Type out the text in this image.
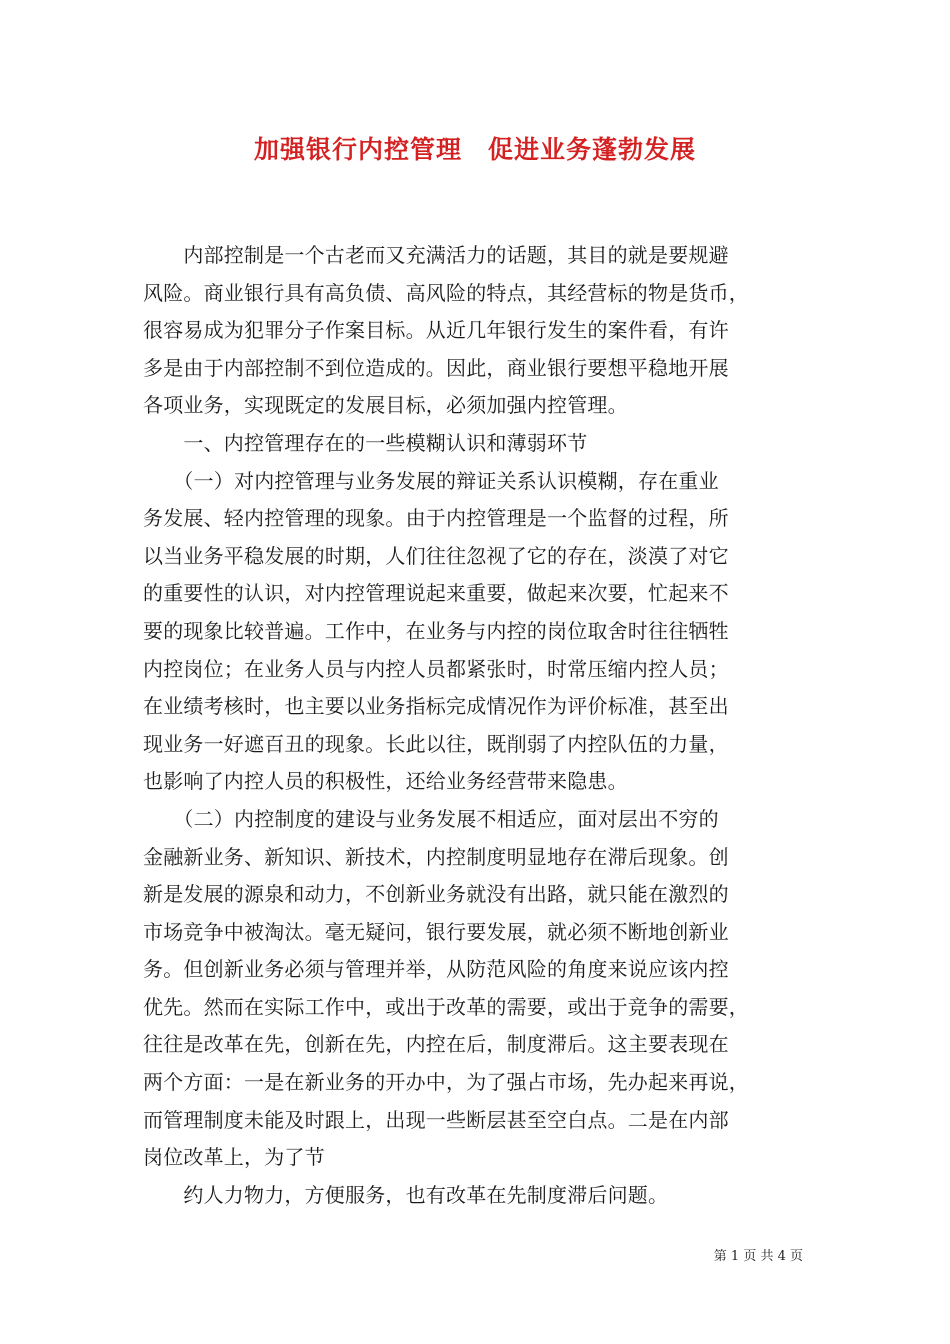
加强银行内控管理　促进业务蓬勃发展
　　内部控制是一个古老而又充满活力的话题，其目的就是要规避
风险。商业银行具有高负债、高风险的特点，其经营标的物是货币，
很容易成为犯罪分子作案目标。从近几年银行发生的案件看，有许
多是由于内部控制不到位造成的。因此，商业银行要想平稳地开展
各项业务，实现既定的发展目标，必须加强内控管理。
　　一、内控管理存在的一些模糊认识和薄弱环节
　　（一）对内控管理与业务发展的辩证关系认识模糊，存在重业
务发展、轻内控管理的现象。由于内控管理是一个监督的过程，所
以当业务平稳发展的时期，人们往往忽视了它的存在，淡漠了对它
的重要性的认识，对内控管理说起来重要，做起来次要，忙起来不
要的现象比较普遍。工作中，在业务与内控的岗位取舍时往往牺牲
内控岗位；在业务人员与内控人员都紧张时，时常压缩内控人员；
在业绩考核时，也主要以业务指标完成情况作为评价标准，甚至出
现业务一好遮百丑的现象。长此以往，既削弱了内控队伍的力量，
也影响了内控人员的积极性，还给业务经营带来隐患。
　　（二）内控制度的建设与业务发展不相适应，面对层出不穷的
金融新业务、新知识、新技术，内控制度明显地存在滞后现象。创
新是发展的源泉和动力，不创新业务就没有出路，就只能在激烈的
市场竞争中被淘汰。毫无疑问，银行要发展，就必须不断地创新业
务。但创新业务必须与管理并举，从防范风险的角度来说应该内控
优先。然而在实际工作中，或出于改革的需要，或出于竞争的需要，
往往是改革在先，创新在先，内控在后，制度滞后。这主要表现在
两个方面：一是在新业务的开办中，为了强占市场，先办起来再说，
而管理制度未能及时跟上，出现一些断层甚至空白点。二是在内部
岗位改革上，为了节
　　约人力物力，方便服务，也有改革在先制度滞后问题。
第 1 页 共 4 页
